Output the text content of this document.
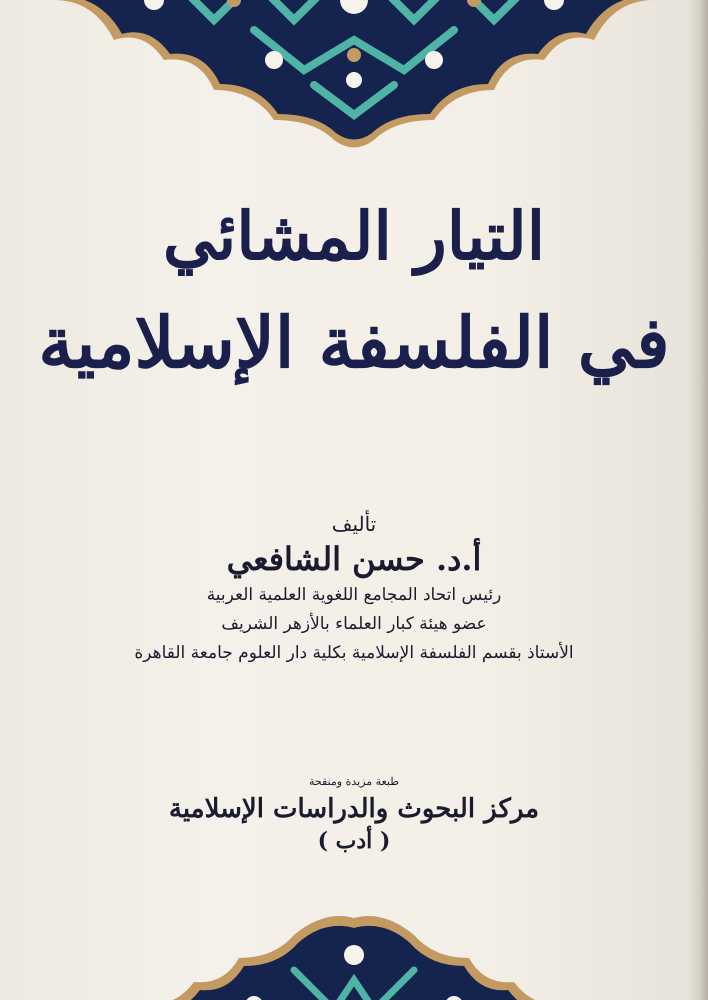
التيار المشائي
في الفلسفة الإسلامية
تأليف
أ.د. حسن الشافعي
رئيس اتحاد المجامع اللغوية العلمية العربية
عضو هيئة كبار العلماء بالأزهر الشريف
الأستاذ بقسم الفلسفة الإسلامية بكلية دار العلوم جامعة القاهرة
طبعة مزيدة ومنقحة
مركز البحوث والدراسات الإسلامية
( أدب )
